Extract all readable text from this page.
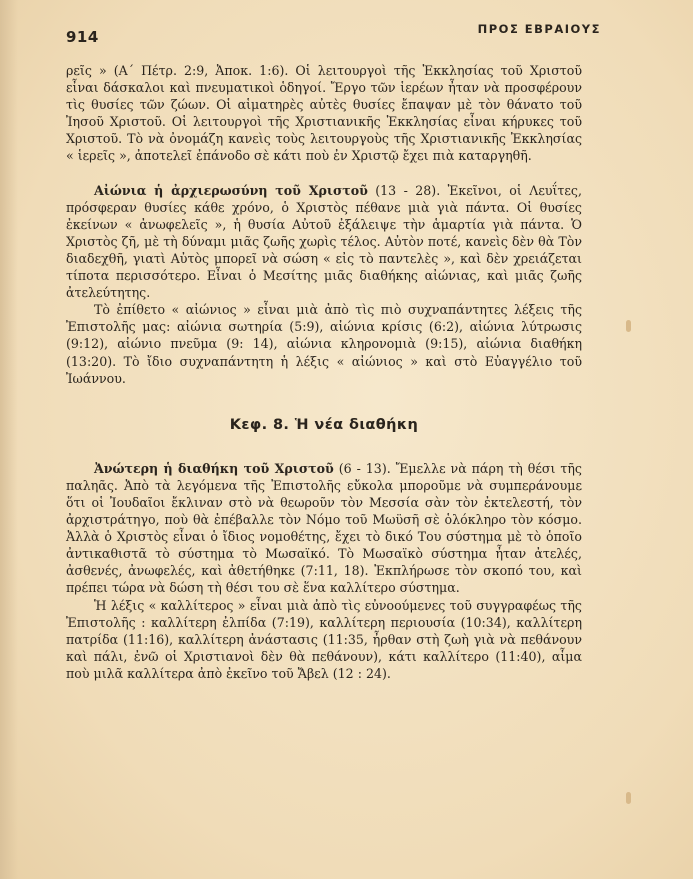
914	ΠΡΟΣ ΕΒΡΑΙΟΥΣ

ρεῖς » (Α΄ Πέτρ. 2:9, Ἀποκ. 1:6). Οἱ λειτουργοὶ τῆς Ἐκκλησίας τοῦ Χριστοῦ εἶναι δάσκαλοι καὶ πνευματικοὶ ὁδηγοί. Ἔργο τῶν ἱερέων ἦταν νὰ προσφέρουν τὶς θυσίες τῶν ζώων. Οἱ αἱματηρὲς αὐτὲς θυσίες ἔπαψαν μὲ τὸν θάνατο τοῦ Ἰησοῦ Χριστοῦ. Οἱ λειτουργοὶ τῆς Χριστιανικῆς Ἐκκλησίας εἶναι κήρυκες τοῦ Χριστοῦ. Τὸ νὰ ὀνομάζη κανεὶς τοὺς λειτουργοὺς τῆς Χριστιανικῆς Ἐκκλησίας « ἱερεῖς », ἀποτελεῖ ἐπάνοδο σὲ κάτι ποὺ ἐν Χριστῷ ἔχει πιὰ καταργηθῆ.

Αἰώνια ἡ ἀρχιερωσύνη τοῦ Χριστοῦ (13 - 28). Ἐκεῖνοι, οἱ Λευΐτες, πρόσφεραν θυσίες κάθε χρόνο, ὁ Χριστὸς πέθανε μιὰ γιὰ πάντα. Οἱ θυσίες ἐκείνων « ἀνωφελεῖς », ἡ θυσία Αὐτοῦ ἐξάλειψε τὴν ἁμαρτία γιὰ πάντα. Ὁ Χριστὸς ζῆ, μὲ τὴ δύναμι μιᾶς ζωῆς χωρὶς τέλος. Αὐτὸν ποτέ, κανεὶς δὲν θὰ Τὸν διαδεχθῆ, γιατὶ Αὐτὸς μπορεῖ νὰ σώση « εἰς τὸ παντελὲς », καὶ δὲν χρειάζεται τίποτα περισσότερο. Εἶναι ὁ Μεσίτης μιᾶς διαθήκης αἰώνιας, καὶ μιᾶς ζωῆς ἀτελεύτητης.

Τὸ ἐπίθετο « αἰώνιος » εἶναι μιὰ ἀπὸ τὶς πιὸ συχναπάντητες λέξεις τῆς Ἐπιστολῆς μας: αἰώνια σωτηρία (5:9), αἰώνια κρίσις (6:2), αἰώνια λύτρωσις (9:12), αἰώνιο πνεῦμα (9: 14), αἰώνια κληρονομιὰ (9:15), αἰώνια διαθήκη (13:20). Τὸ ἴδιο συχναπάντητη ἡ λέξις « αἰώνιος » καὶ στὸ Εὐαγγέλιο τοῦ Ἰωάννου.

Κεφ. 8. Ἡ νέα διαθήκη

Ἀνώτερη ἡ διαθήκη τοῦ Χριστοῦ (6 - 13). Ἔμελλε νὰ πάρη τὴ θέσι τῆς παληᾶς. Ἀπὸ τὰ λεγόμενα τῆς Ἐπιστολῆς εὔκολα μποροῦμε νὰ συμπεράνουμε ὅτι οἱ Ἰουδαῖοι ἔκλιναν στὸ νὰ θεωροῦν τὸν Μεσσία σὰν τὸν ἐκτελεστή, τὸν ἀρχιστράτηγο, ποὺ θὰ ἐπέβαλλε τὸν Νόμο τοῦ Μωϋσῆ σὲ ὁλόκληρο τὸν κόσμο. Ἀλλὰ ὁ Χριστὸς εἶναι ὁ ἴδιος νομοθέτης, ἔχει τὸ δικό Του σύστημα μὲ τὸ ὁποῖο ἀντικαθιστᾶ τὸ σύστημα τὸ Μωσαϊκό. Τὸ Μωσαϊκὸ σύστημα ἦταν ἀτελές, ἀσθενές, ἀνωφελές, καὶ ἀθετήθηκε (7:11, 18). Ἐκπλήρωσε τὸν σκοπό του, καὶ πρέπει τώρα νὰ δώση τὴ θέσι του σὲ ἕνα καλλίτερο σύστημα.

Ἡ λέξις « καλλίτερος » εἶναι μιὰ ἀπὸ τὶς εὐνοούμενες τοῦ συγγραφέως τῆς Ἐπιστολῆς : καλλίτερη ἐλπίδα (7:19), καλλίτερη περιουσία (10:34), καλλίτερη πατρίδα (11:16), καλλίτερη ἀνάστασις (11:35, ἦρθαν στὴ ζωὴ γιὰ νὰ πεθάνουν καὶ πάλι, ἐνῶ οἱ Χριστιανοὶ δὲν θὰ πεθάνουν), κάτι καλλίτερο (11:40), αἷμα ποὺ μιλᾶ καλλίτερα ἀπὸ ἐκεῖνο τοῦ Ἄβελ (12 : 24).
